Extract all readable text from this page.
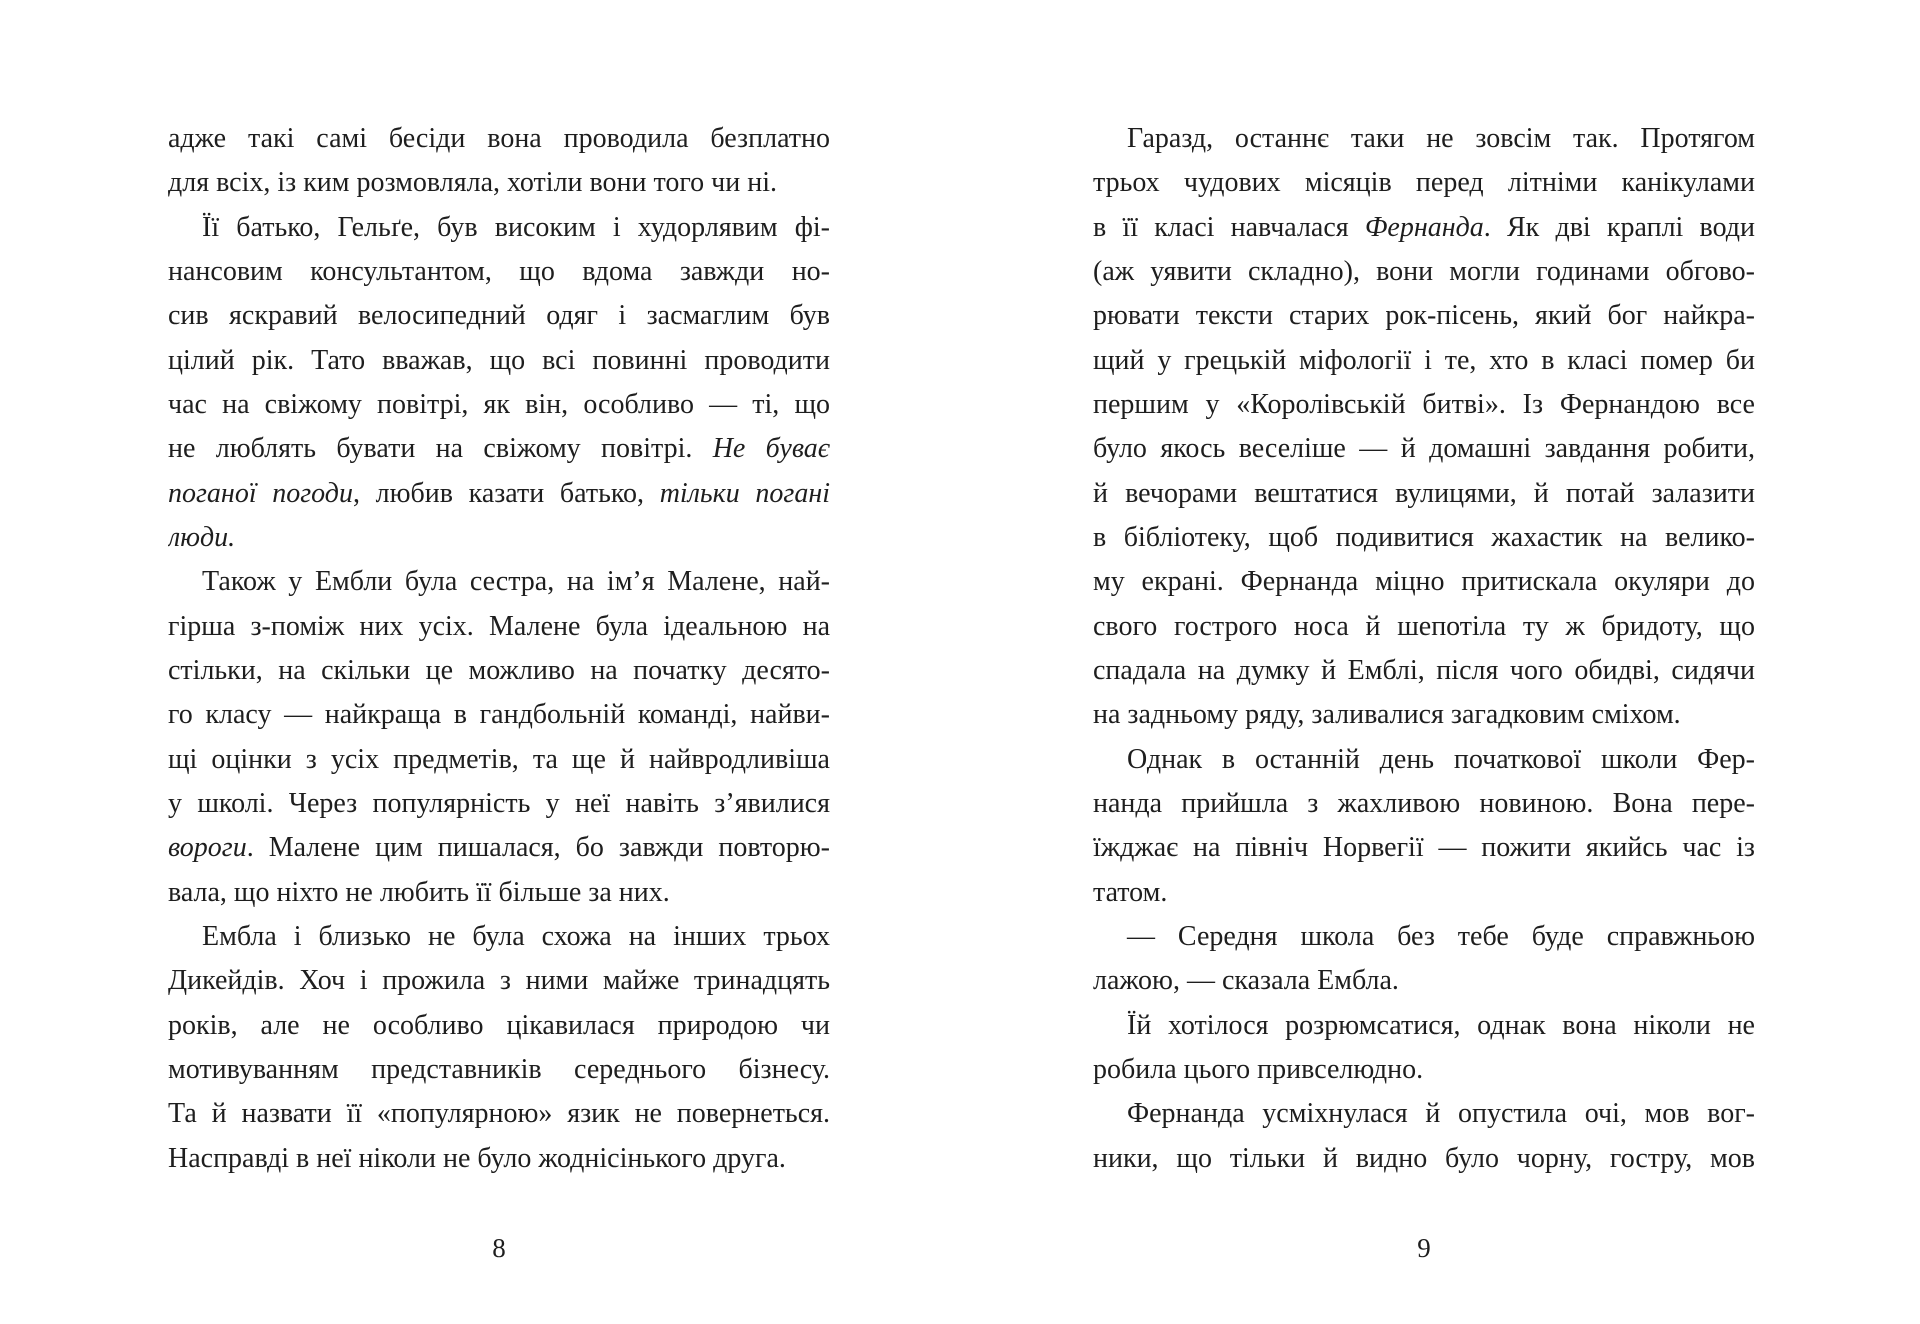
адже такі самі бесіди вона проводила безплатно
для всіх, із ким розмовляла, хотіли вони того чи ні.
Її батько, Гельґе, був високим і худорлявим фі-
нансовим консультантом, що вдома завжди но-
сив яскравий велосипедний одяг і засмаглим був
цілий рік. Тато вважав, що всі повинні проводити
час на свіжому повітрі, як він, особливо — ті, що
не люблять бувати на свіжому повітрі. Не буває
поганої погоди, любив казати батько, тільки погані
люди.
Також у Ембли була сестра, на ім’я Малене, най-
гірша з-поміж них усіх. Малене була ідеальною на
стільки, на скільки це можливо на початку десято-
го класу — найкраща в гандбольній команді, найви-
щі оцінки з усіх предметів, та ще й найвродливіша
у школі. Через популярність у неї навіть з’явилися
вороги. Малене цим пишалася, бо завжди повторю-
вала, що ніхто не любить її більше за них.
Ембла і близько не була схожа на інших трьох
Дикейдів. Хоч і прожила з ними майже тринадцять
років, але не особливо цікавилася природою чи
мотивуванням представників середнього бізнесу.
Та й назвати її «популярною» язик не повернеться.
Насправді в неї ніколи не було жоднісінького друга.
8
Гаразд, останнє таки не зовсім так. Протягом
трьох чудових місяців перед літніми канікулами
в її класі навчалася Фернанда. Як дві краплі води
(аж уявити складно), вони могли годинами обгово-
рювати тексти старих рок-пісень, який бог найкра-
щий у грецькій міфології і те, хто в класі помер би
першим у «Королівській битві». Із Фернандою все
було якось веселіше — й домашні завдання робити,
й вечорами вештатися вулицями, й потай залазити
в бібліотеку, щоб подивитися жахастик на велико-
му екрані. Фернанда міцно притискала окуляри до
свого гострого носа й шепотіла ту ж бридоту, що
спадала на думку й Емблі, після чого обидві, сидячи
на задньому ряду, заливалися загадковим сміхом.
Однак в останній день початкової школи Фер-
нанда прийшла з жахливою новиною. Вона пере-
їжджає на північ Норвегії — пожити якийсь час із
татом.
— Середня школа без тебе буде справжньою
лажою, — сказала Ембла.
Їй хотілося розрюмсатися, однак вона ніколи не
робила цього привселюдно.
Фернанда усміхнулася й опустила очі, мов вог-
ники, що тільки й видно було чорну, гостру, мов
9
